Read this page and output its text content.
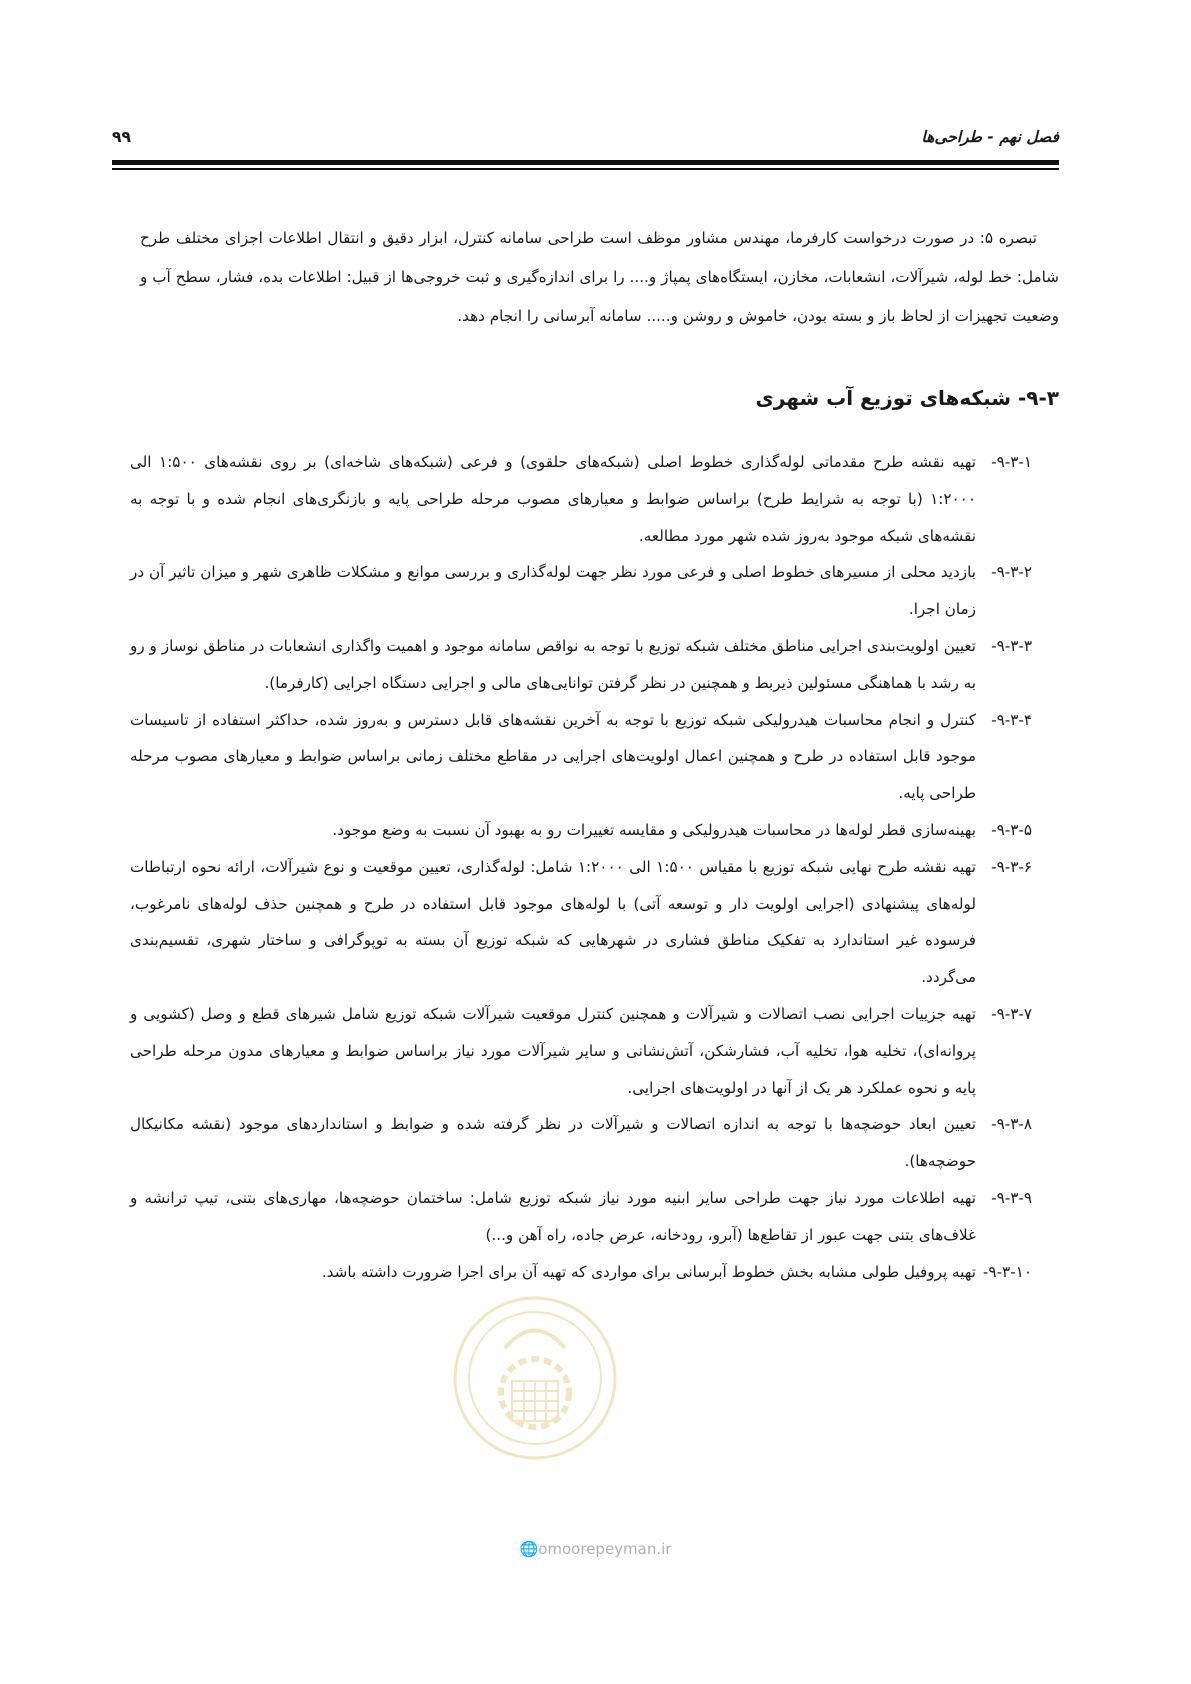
فصل نهم - طراحی‌ها
۹۹

تبصره ۵: در صورت درخواست کارفرما، مهندس مشاور موظف است طراحی سامانه کنترل، ابزار دقیق و انتقال اطلاعات اجزای مختلف طرح شامل: خط لوله، شیرآلات، انشعابات، مخازن، ایستگاه‌های پمپاژ و.... را برای اندازه‌گیری و ثبت خروجی‌ها از قبیل: اطلاعات بده، فشار، سطح آب و وضعیت تجهیزات از لحاظ باز و بسته بودن، خاموش و روشن و..... سامانه آبرسانی را انجام دهد.

۹-۳- شبکه‌های توزیع آب شهری
۹-۳-۱-
تهیه نقشه طرح مقدماتی لوله‌گذاری خطوط اصلی (شبکه‌های حلقوی) و فرعی (شبکه‌های شاخه‌ای) بر روی نقشه‌های ۱:۵۰۰ الی ۱:۲۰۰۰ (با توجه به شرایط طرح) براساس ضوابط و معیارهای مصوب مرحله طراحی پایه و بازنگری‌های انجام شده و با توجه به نقشه‌های شبکه موجود به‌روز شده شهر مورد مطالعه.
۹-۳-۲-
بازدید محلی از مسیرهای خطوط اصلی و فرعی مورد نظر جهت لوله‌گذاری و بررسی موانع و مشکلات ظاهری شهر و میزان تاثیر آن در زمان اجرا.
۹-۳-۳-
تعیین اولویت‌بندی اجرایی مناطق مختلف شبکه توزیع با توجه به نواقص سامانه موجود و اهمیت واگذاری انشعابات در مناطق نوساز و رو به رشد با هماهنگی مسئولین ذیربط و همچنین در نظر گرفتن توانایی‌های مالی و اجرایی دستگاه اجرایی (کارفرما).
۹-۳-۴-
کنترل و انجام محاسبات هیدرولیکی شبکه توزیع با توجه به آخرین نقشه‌های قابل دسترس و به‌روز شده، حداکثر استفاده از تاسیسات موجود قابل استفاده در طرح و همچنین اعمال اولویت‌های اجرایی در مقاطع مختلف زمانی براساس ضوابط و معیارهای مصوب مرحله طراحی پایه.
۹-۳-۵-
بهینه‌سازی قطر لوله‌ها در محاسبات هیدرولیکی و مقایسه تغییرات رو به بهبود آن نسبت به وضع موجود.
۹-۳-۶-
تهیه نقشه طرح نهایی شبکه توزیع با مقیاس ۱:۵۰۰ الی ۱:۲۰۰۰ شامل: لوله‌گذاری، تعیین موقعیت و نوع شیرآلات، ارائه نحوه ارتباطات لوله‌های پیشنهادی (اجرایی اولویت دار و توسعه آتی) با لوله‌های موجود قابل استفاده در طرح و همچنین حذف لوله‌های نامرغوب، فرسوده غیر استاندارد به تفکیک مناطق فشاری در شهرهایی که شبکه توزیع آن بسته به توپوگرافی و ساختار شهری، تقسیم‌بندی می‌گردد.
۹-۳-۷-
تهیه جزییات اجرایی نصب اتصالات و شیرآلات و همچنین کنترل موقعیت شیرآلات شبکه توزیع شامل شیرهای قطع و وصل (کشویی و پروانه‌ای)، تخلیه هوا، تخلیه آب، فشارشکن، آتش‌نشانی و سایر شیرآلات مورد نیاز براساس ضوابط و معیارهای مدون مرحله طراحی پایه و نحوه عملکرد هر یک از آنها در اولویت‌های اجرایی.
۹-۳-۸-
تعیین ابعاد حوضچه‌ها با توجه به اندازه اتصالات و شیرآلات در نظر گرفته شده و ضوابط و استانداردهای موجود (نقشه مکانیکال حوضچه‌ها).
۹-۳-۹-
تهیه اطلاعات مورد نیاز جهت طراحی سایر ابنیه مورد نیاز شبکه توزیع شامل: ساختمان حوضچه‌ها، مهاری‌های بتنی، تیپ ترانشه و غلاف‌های بتنی جهت عبور از تقاطع‌ها (آبرو، رودخانه، عرض جاده، راه آهن و...)
۹-۳-۱۰-
تهیه پروفیل طولی مشابه بخش خطوط آبرسانی برای مواردی که تهیه آن برای اجرا ضرورت داشته باشد.
🌐omoorepeyman.ir
